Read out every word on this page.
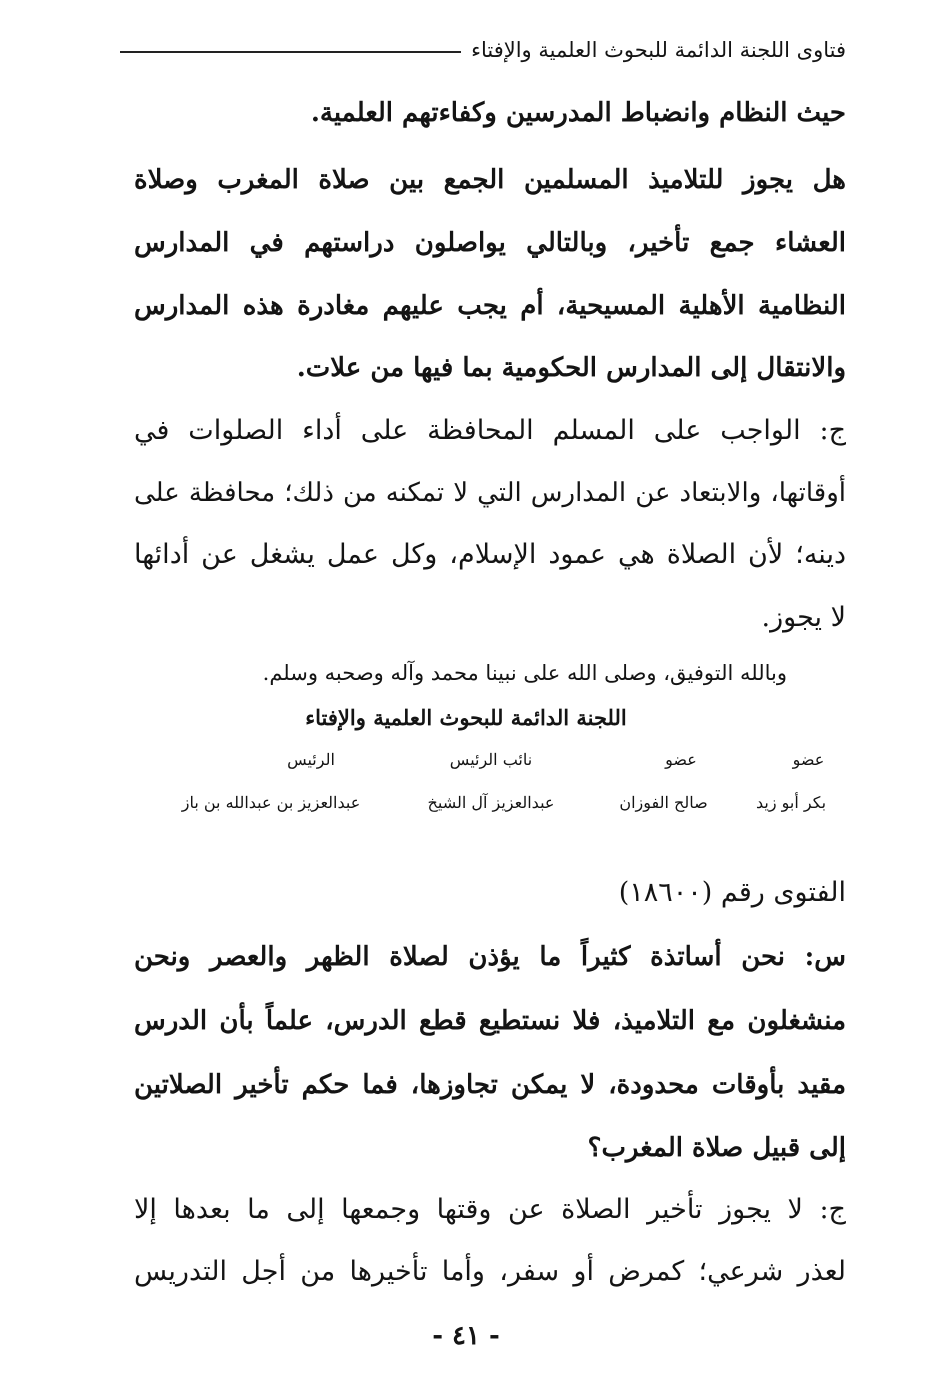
فتاوى اللجنة الدائمة للبحوث العلمية والإفتاء
حيث النظام وانضباط المدرسين وكفاءتهم العلمية.
هل يجوز للتلاميذ المسلمين الجمع بين صلاة المغرب وصلاة
العشاء جمع تأخير، وبالتالي يواصلون دراستهم في المدارس
النظامية الأهلية المسيحية، أم يجب عليهم مغادرة هذه المدارس
والانتقال إلى المدارس الحكومية بما فيها من علات.
ج: الواجب على المسلم المحافظة على أداء الصلوات في
أوقاتها، والابتعاد عن المدارس التي لا تمكنه من ذلك؛ محافظة على
دينه؛ لأن الصلاة هي عمود الإسلام، وكل عمل يشغل عن أدائها
لا يجوز.
وبالله التوفيق، وصلى الله على نبينا محمد وآله وصحبه وسلم.
اللجنة الدائمة للبحوث العلمية والإفتاء
عضو
عضو
نائب الرئيس
الرئيس
بكر أبو زيد
صالح الفوزان
عبدالعزيز آل الشيخ
عبدالعزيز بن عبدالله بن باز
الفتوى رقم (١٨٦٠٠)
س: نحن أساتذة كثيراً ما يؤذن لصلاة الظهر والعصر ونحن
منشغلون مع التلاميذ، فلا نستطيع قطع الدرس، علماً بأن الدرس
مقيد بأوقات محدودة، لا يمكن تجاوزها، فما حكم تأخير الصلاتين
إلى قبيل صلاة المغرب؟
ج: لا يجوز تأخير الصلاة عن وقتها وجمعها إلى ما بعدها إلا
لعذر شرعي؛ كمرض أو سفر، وأما تأخيرها من أجل التدريس
- ٤١ -
